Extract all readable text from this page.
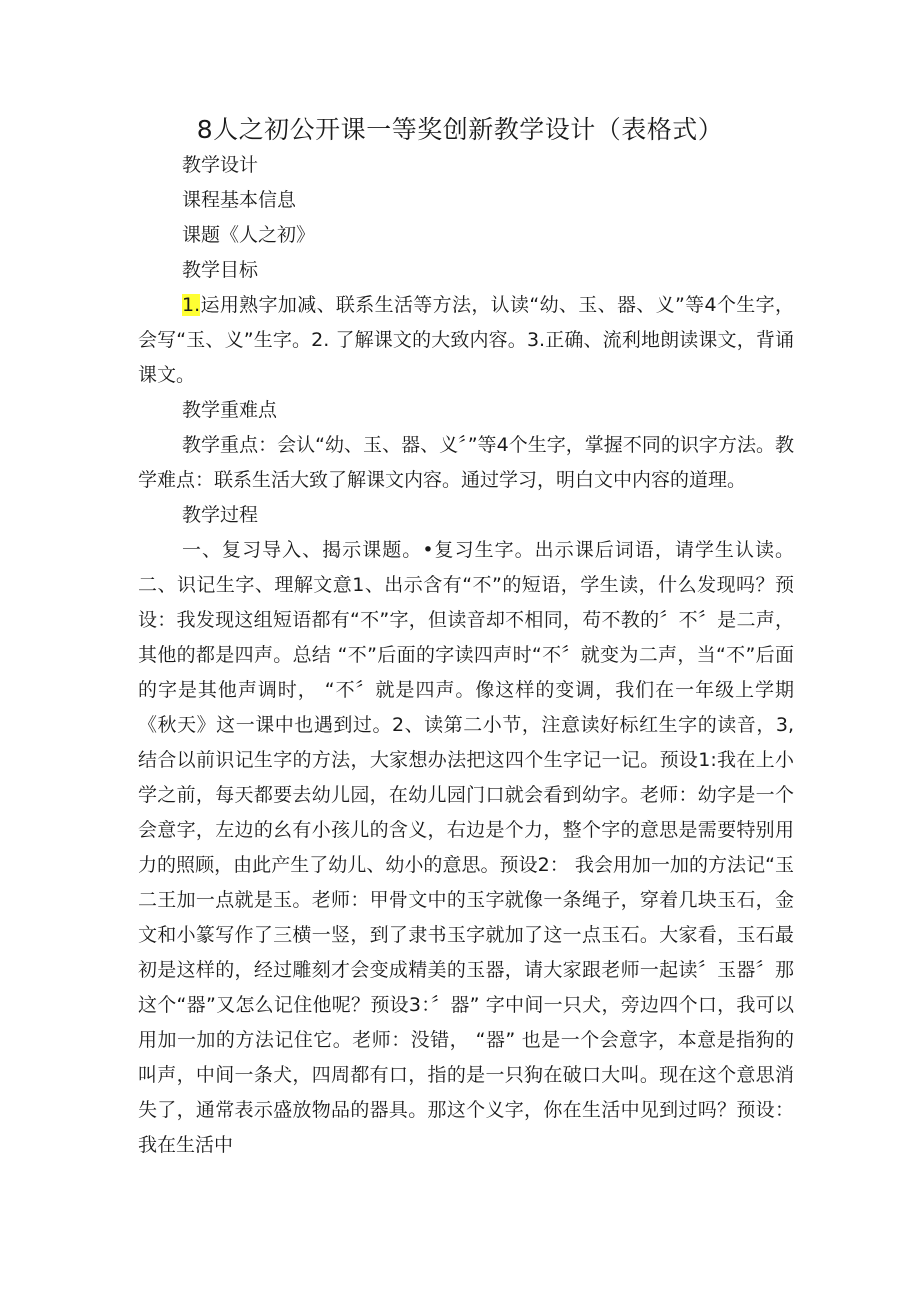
8人之初公开课一等奖创新教学设计（表格式）

教学设计

课程基本信息

课题《人之初》

教学目标

1.运用熟字加减、联系生活等方法，认读“幼、玉、器、义”等4个生字，会写“玉、义”生字。2. 了解课文的大致内容。3.正确、流利地朗读课文，背诵课文。

教学重难点

教学重点：会认“幼、玉、器、义〞”等4个生字，掌握不同的识字方法。教学难点：联系生活大致了解课文内容。通过学习，明白文中内容的道理。

教学过程

一、复习导入、揭示课题。•复习生字。出示课后词语，请学生认读。二、识记生字、理解文意1、出示含有“不”的短语，学生读，什么发现吗？预设：我发现这组短语都有“不”字，但读音却不相同，苟不教的〞不〞是二声，其他的都是四声。总结 “不”后面的字读四声时“不〞就变为二声，当“不”后面的字是其他声调时， “不〞就是四声。像这样的变调，我们在一年级上学期《秋天》这一课中也遇到过。2、读第二小节，注意读好标红生字的读音，3,结合以前识记生字的方法，大家想办法把这四个生字记一记。预设1:我在上小学之前，每天都要去幼儿园，在幼儿园门口就会看到幼字。老师：幼字是一个会意字，左边的幺有小孩儿的含义，右边是个力，整个字的意思是需要特别用力的照顾，由此产生了幼儿、幼小的意思。预设2： 我会用加一加的方法记“玉二王加一点就是玉。老师：甲骨文中的玉字就像一条绳子，穿着几块玉石，金文和小篆写作了三横一竖，到了隶书玉字就加了这一点玉石。大家看，玉石最初是这样的，经过雕刻才会变成精美的玉器，请大家跟老师一起读〞玉器〞那这个“器”又怎么记住他呢？预设3：〞器” 字中间一只犬，旁边四个口，我可以用加一加的方法记住它。老师：没错， “器” 也是一个会意字，本意是指狗的叫声，中间一条犬，四周都有口，指的是一只狗在破口大叫。现在这个意思消失了，通常表示盛放物品的器具。那这个义字，你在生活中见到过吗？预设：我在生活中
